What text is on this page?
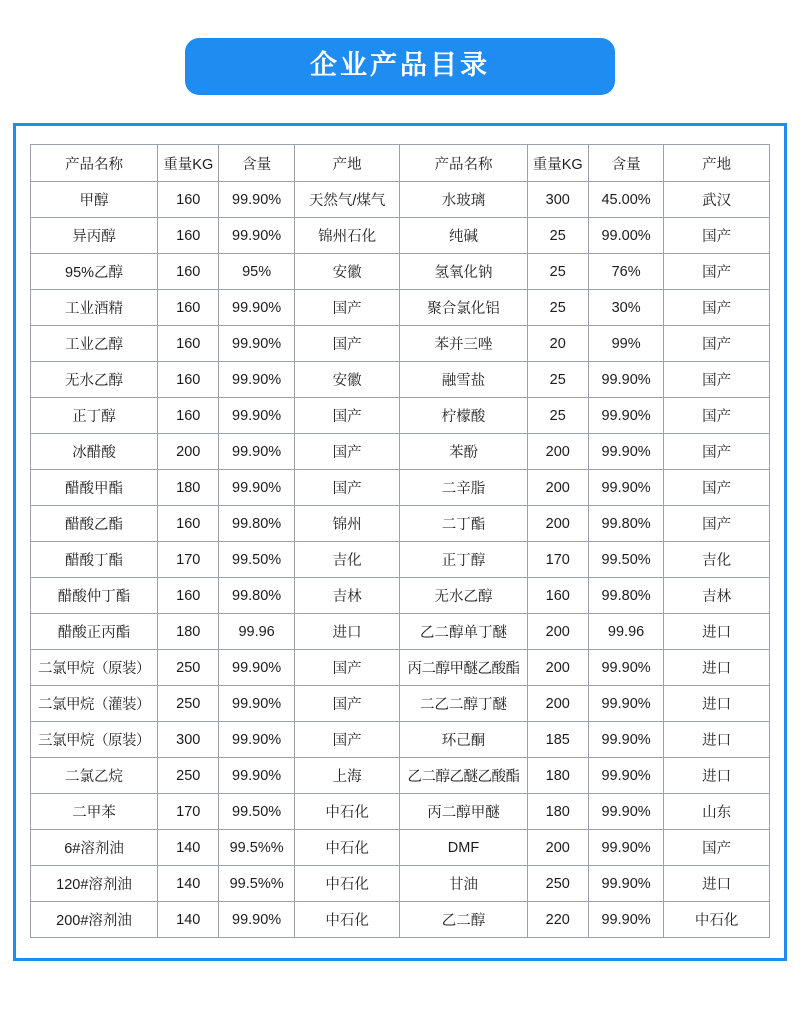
企业产品目录
产品名称	重量KG	含量	产地	产品名称	重量KG	含量	产地
甲醇	160	99.90%	天然气/煤气	水玻璃	300	45.00%	武汉
异丙醇	160	99.90%	锦州石化	纯碱	25	99.00%	国产
95%乙醇	160	95%	安徽	氢氧化钠	25	76%	国产
工业酒精	160	99.90%	国产	聚合氯化铝	25	30%	国产
工业乙醇	160	99.90%	国产	苯并三唑	20	99%	国产
无水乙醇	160	99.90%	安徽	融雪盐	25	99.90%	国产
正丁醇	160	99.90%	国产	柠檬酸	25	99.90%	国产
冰醋酸	200	99.90%	国产	苯酚	200	99.90%	国产
醋酸甲酯	180	99.90%	国产	二辛脂	200	99.90%	国产
醋酸乙酯	160	99.80%	锦州	二丁酯	200	99.80%	国产
醋酸丁酯	170	99.50%	吉化	正丁醇	170	99.50%	吉化
醋酸仲丁酯	160	99.80%	吉林	无水乙醇	160	99.80%	吉林
醋酸正丙酯	180	99.96	进口	乙二醇单丁醚	200	99.96	进口
二氯甲烷（原装）	250	99.90%	国产	丙二醇甲醚乙酸酯	200	99.90%	进口
二氯甲烷（灌装）	250	99.90%	国产	二乙二醇丁醚	200	99.90%	进口
三氯甲烷（原装）	300	99.90%	国产	环己酮	185	99.90%	进口
二氯乙烷	250	99.90%	上海	乙二醇乙醚乙酸酯	180	99.90%	进口
二甲苯	170	99.50%	中石化	丙二醇甲醚	180	99.90%	山东
6#溶剂油	140	99.5%%	中石化	DMF	200	99.90%	国产
120#溶剂油	140	99.5%%	中石化	甘油	250	99.90%	进口
200#溶剂油	140	99.90%	中石化	乙二醇	220	99.90%	中石化
